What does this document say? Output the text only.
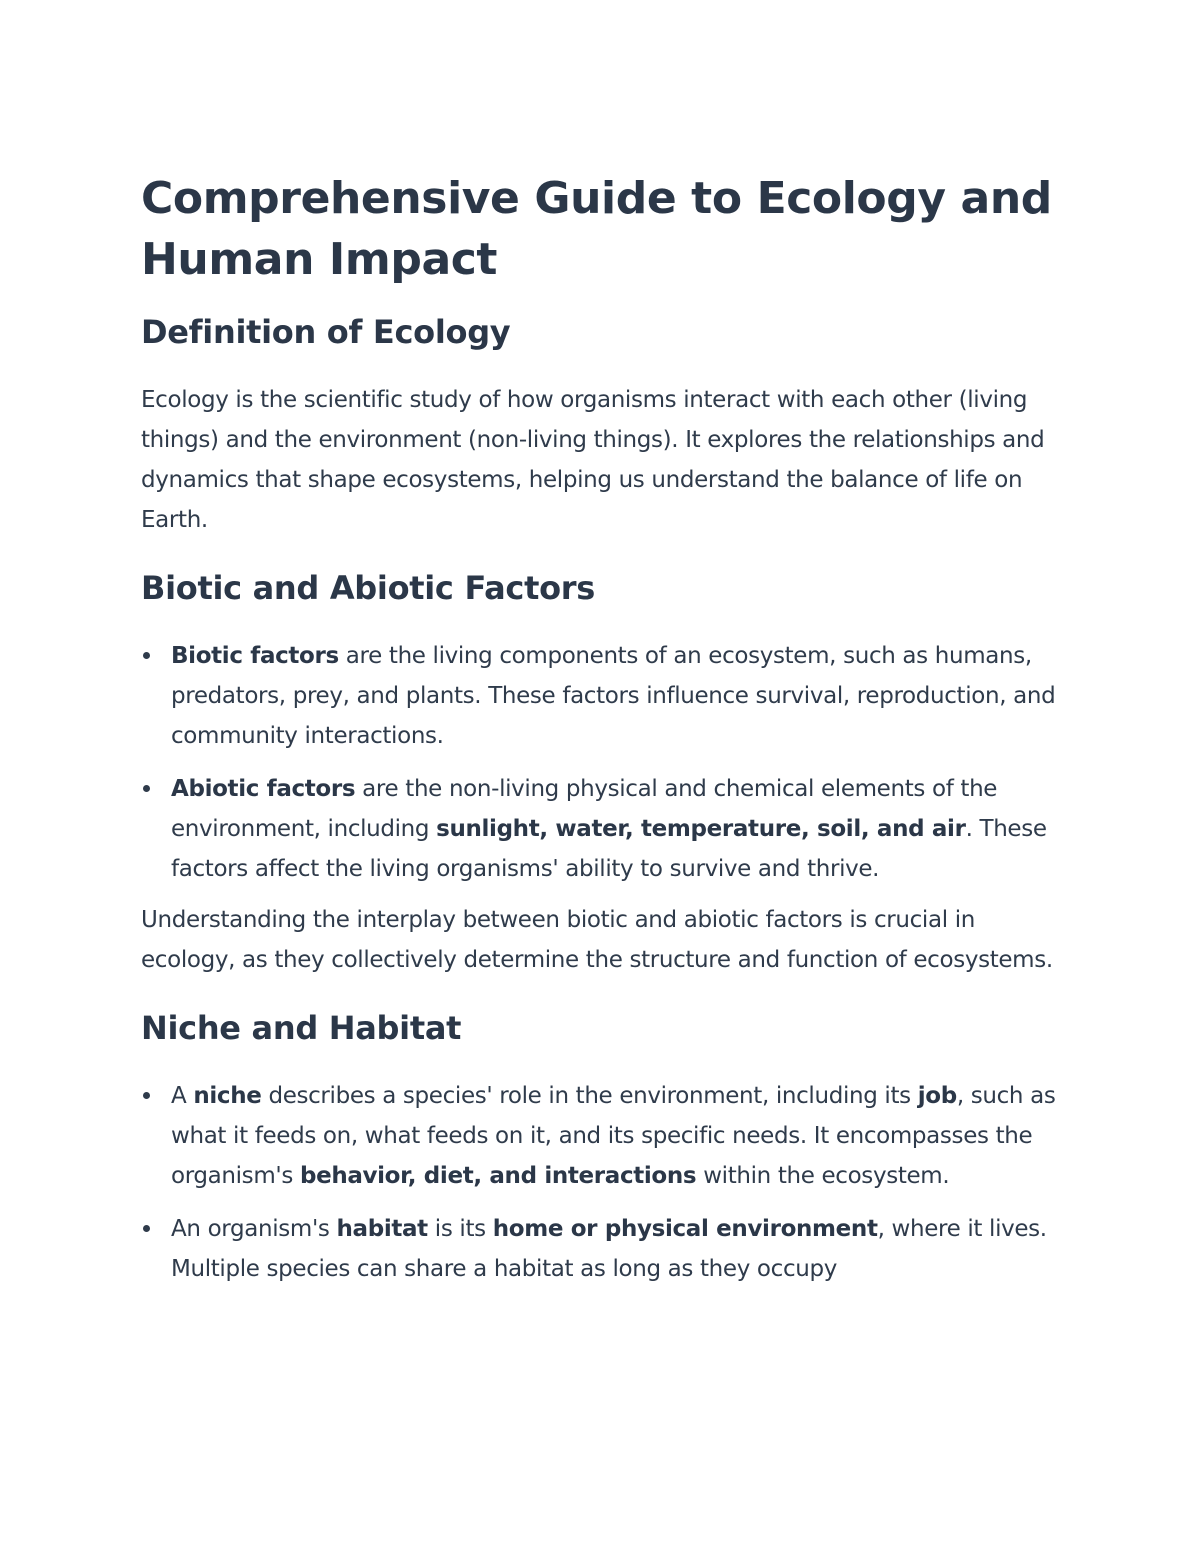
Comprehensive Guide to Ecology and Human Impact
Definition of Ecology

Ecology is the scientific study of how organisms interact with each other (living things) and the environment (non-living things). It explores the relationships and dynamics that shape ecosystems, helping us understand the balance of life on Earth.

Biotic and Abiotic Factors
Biotic factors are the living components of an ecosystem, such as humans, predators, prey, and plants. These factors influence survival, reproduction, and community interactions.
Abiotic factors are the non-living physical and chemical elements of the environment, including sunlight, water, temperature, soil, and air. These factors affect the living organisms' ability to survive and thrive.

Understanding the interplay between biotic and abiotic factors is crucial in ecology, as they collectively determine the structure and function of ecosystems.

Niche and Habitat
A niche describes a species' role in the environment, including its job, such as what it feeds on, what feeds on it, and its specific needs. It encompasses the organism's behavior, diet, and interactions within the ecosystem.
An organism's habitat is its home or physical environment, where it lives. Multiple species can share a habitat as long as they occupy
